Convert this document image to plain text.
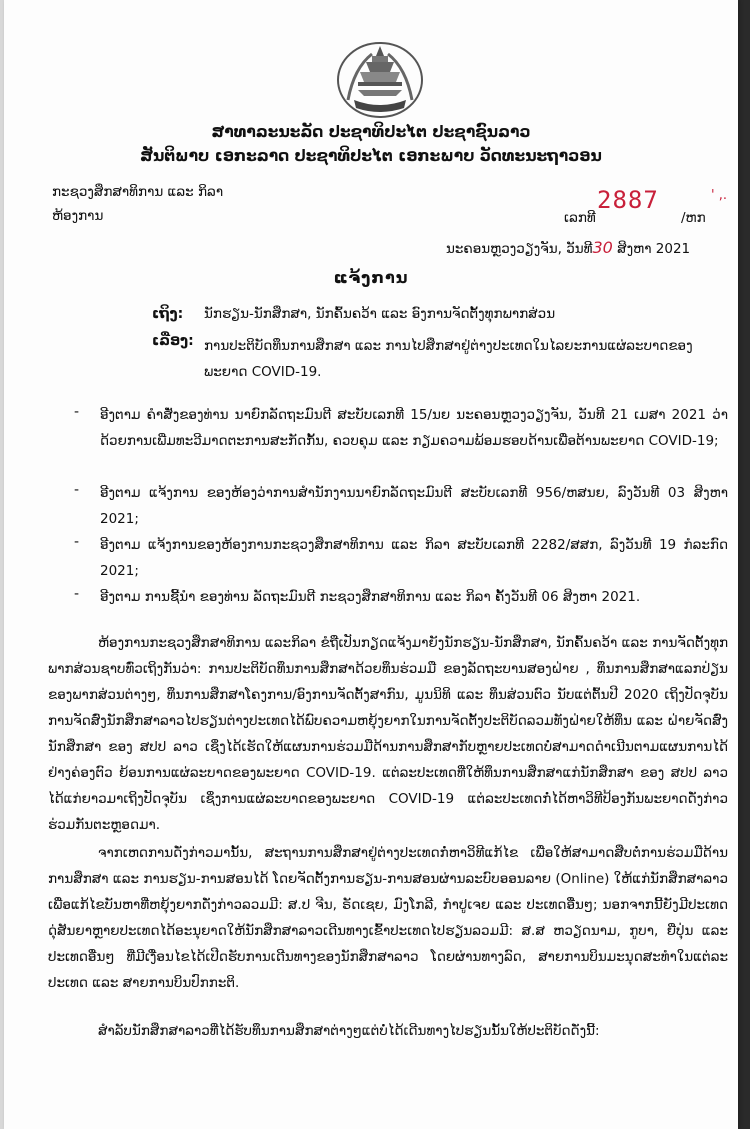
ສາທາລະນະລັດ ປະຊາທິປະໄຕ ປະຊາຊົນລາວ
ສັນຕິພາບ ເອກະລາດ ປະຊາທິປະໄຕ ເອກະພາບ ວັດທະນະຖາວອນ
ກະຊວງສຶກສາທິການ ແລະ ກິລາ
ຫ້ອງການ	ເລກທີ
2887	' ,.
/ຫກ
ນະຄອນຫຼວງວຽງຈັນ, ວັນທີ30 ສິງຫາ 2021
ແຈ້ງການ
ເຖິງ: ນັກຮຽນ-ນັກສຶກສາ, ນັກຄົ້ນຄວ້າ ແລະ ອົງການຈັດຕັ້ງທຸກພາກສ່ວນ
ເລື່ອງ: ການປະຕິບັດທຶນການສຶກສາ ແລະ ການໄປສຶກສາຢູ່ຕ່າງປະເທດໃນໄລຍະການແຜ່ລະບາດຂອງພະຍາດ COVID-19.
- ອີງຕາມ ຄຳສັ່ງຂອງທ່ານ ນາຍົກລັດຖະມົນຕີ ສະບັບເລກທີ 15/ນຍ ນະຄອນຫຼວງວຽງຈັນ, ວັນທີ 21 ເມສາ 2021 ວ່າດ້ວຍການເພີ່ມທະວີມາດຕະການສະກັດກັ້ນ, ຄວບຄຸມ ແລະ ກຽມຄວາມພ້ອມຮອບດ້ານເພື່ອຕ້ານພະຍາດ COVID-19;
- ອີງຕາມ ແຈ້ງການ ຂອງຫ້ອງວ່າການສຳນັກງານນາຍົກລັດຖະມົນຕີ ສະບັບເລກທີ 956/ຫສນຍ, ລົງວັນທີ 03 ສິງຫາ 2021;
- ອີງຕາມ ແຈ້ງການຂອງຫ້ອງການກະຊວງສຶກສາທິການ ແລະ ກິລາ ສະບັບເລກທີ 2282/ສສກ, ລົງວັນທີ 19 ກໍລະກົດ 2021;
- ອີງຕາມ ການຊີ້ນຳ ຂອງທ່ານ ລັດຖະມົນຕີ ກະຊວງສຶກສາທິການ ແລະ ກິລາ ຄັ້ງວັນທີ 06 ສິງຫາ 2021.
ຫ້ອງການກະຊວງສຶກສາທິການ ແລະກິລາ ຂໍຖືເປັນກຽດແຈ້ງມາຍັງນັກຮຽນ-ນັກສຶກສາ, ນັກຄົ້ນຄວ້າ ແລະ ການຈັດຕັ້ງທຸກພາກສ່ວນຊາບທົ່ວເຖິງກັນວ່າ: ການປະຕິບັດທຶນການສຶກສາດ້ວຍທຶນຮ່ວມມື ຂອງລັດຖະບານສອງຝ່າຍ , ທຶນການສຶກສາແລກປ່ຽນຂອງພາກສ່ວນຕ່າງໆ, ທຶນການສຶກສາໂຄງການ/ອົງການຈັດຕັ້ງສາກົນ, ມູນນິທິ ແລະ ທຶນສ່ວນຕົວ ນັບແຕ່ຕົ້ນປີ 2020 ເຖິງປັດຈຸບັນ ການຈັດສົ່ງນັກສຶກສາລາວໄປຮຽນຕ່າງປະເທດໄດ້ພົບຄວາມຫຍຸ້ງຍາກໃນການຈັດຕັ້ງປະຕິບັດລວມທັງຝ່າຍໃຫ້ທຶນ ແລະ ຝ່າຍຈັດສົ່ງນັກສຶກສາ ຂອງ ສປປ ລາວ ເຊິ່ງໄດ້ເຮັດໃຫ້ແຜນການຮ່ວມມືດ້ານການສຶກສາກັບຫຼາຍປະເທດບໍ່ສາມາດດຳເນີນຕາມແຜນການໄດ້ຢ່າງຄ່ອງຕົວ ຍ້ອນການແຜ່ລະບາດຂອງພະຍາດ COVID-19. ແຕ່ລະປະເທດທີ່ໃຫ້ທຶນການສຶກສາແກ່ນັກສຶກສາ ຂອງ ສປປ ລາວ ໄດ້ແກ່ຍາວມາເຖິງປັດຈຸບັນ ເຊິ່ງການແຜ່ລະບາດຂອງພະຍາດ COVID-19 ແຕ່ລະປະເທດກໍ່ໄດ້ຫາວິທີປ້ອງກັນພະຍາດດັ່ງກ່າວຮ່ວມກັນຕະຫຼອດມາ.
ຈາກເຫດການດັ່ງກ່າວມານັ້ນ, ສະຖານການສຶກສາຢູ່ຕ່າງປະເທດກໍ່ຫາວິທີແກ້ໄຂ ເພື່ອໃຫ້ສາມາດສືບຕໍ່ການຮ່ວມມືດ້ານການສຶກສາ ແລະ ການຮຽນ-ການສອນໄດ້ ໂດຍຈັດຕັ້ງການຮຽນ-ການສອນຜ່ານລະບົບອອນລາຍ (Online) ໃຫ້ແກ່ນັກສຶກສາລາວ ເພື່ອແກ້ໄຂບັນຫາທີ່ຫຍຸ້ງຍາກດັ່ງກ່າວລວມມີ: ສ.ປ ຈີນ, ຣັດເຊຍ, ມົງໂກລີ, ກຳປູເຈຍ ແລະ ປະເທດອື່ນໆ; ນອກຈາກນີ້ຍັງມີປະເທດດຸ່ສັນຍາຫຼາຍປະເທດໄດ້ອະນຸຍາດໃຫ້ນັກສຶກສາລາວເດີນທາງເຂົ້າປະເທດໄປຮຽນລວມມີ: ສ.ສ ຫວຽດນາມ, ກູບາ, ຍີ່ປຸ່ນ ແລະ ປະເທດອື່ນໆ ທີ່ມີເງື່ອນໄຂໄດ້ເປີດຮັບການເດີນທາງຂອງນັກສຶກສາລາວ ໂດຍຜ່ານທາງລົດ, ສາຍການບິນມະນຸດສະທຳໃນແຕ່ລະປະເທດ ແລະ ສາຍການບິນປົກກະຕິ.
ສຳລັບນັກສຶກສາລາວທີ່ໄດ້ຮັບທຶນການສຶກສາຕ່າງໆແຕ່ບໍ່ໄດ້ເດີນທາງໄປຮຽນນັ້ນໃຫ້ປະຕິບັດດັ່ງນີ້:
